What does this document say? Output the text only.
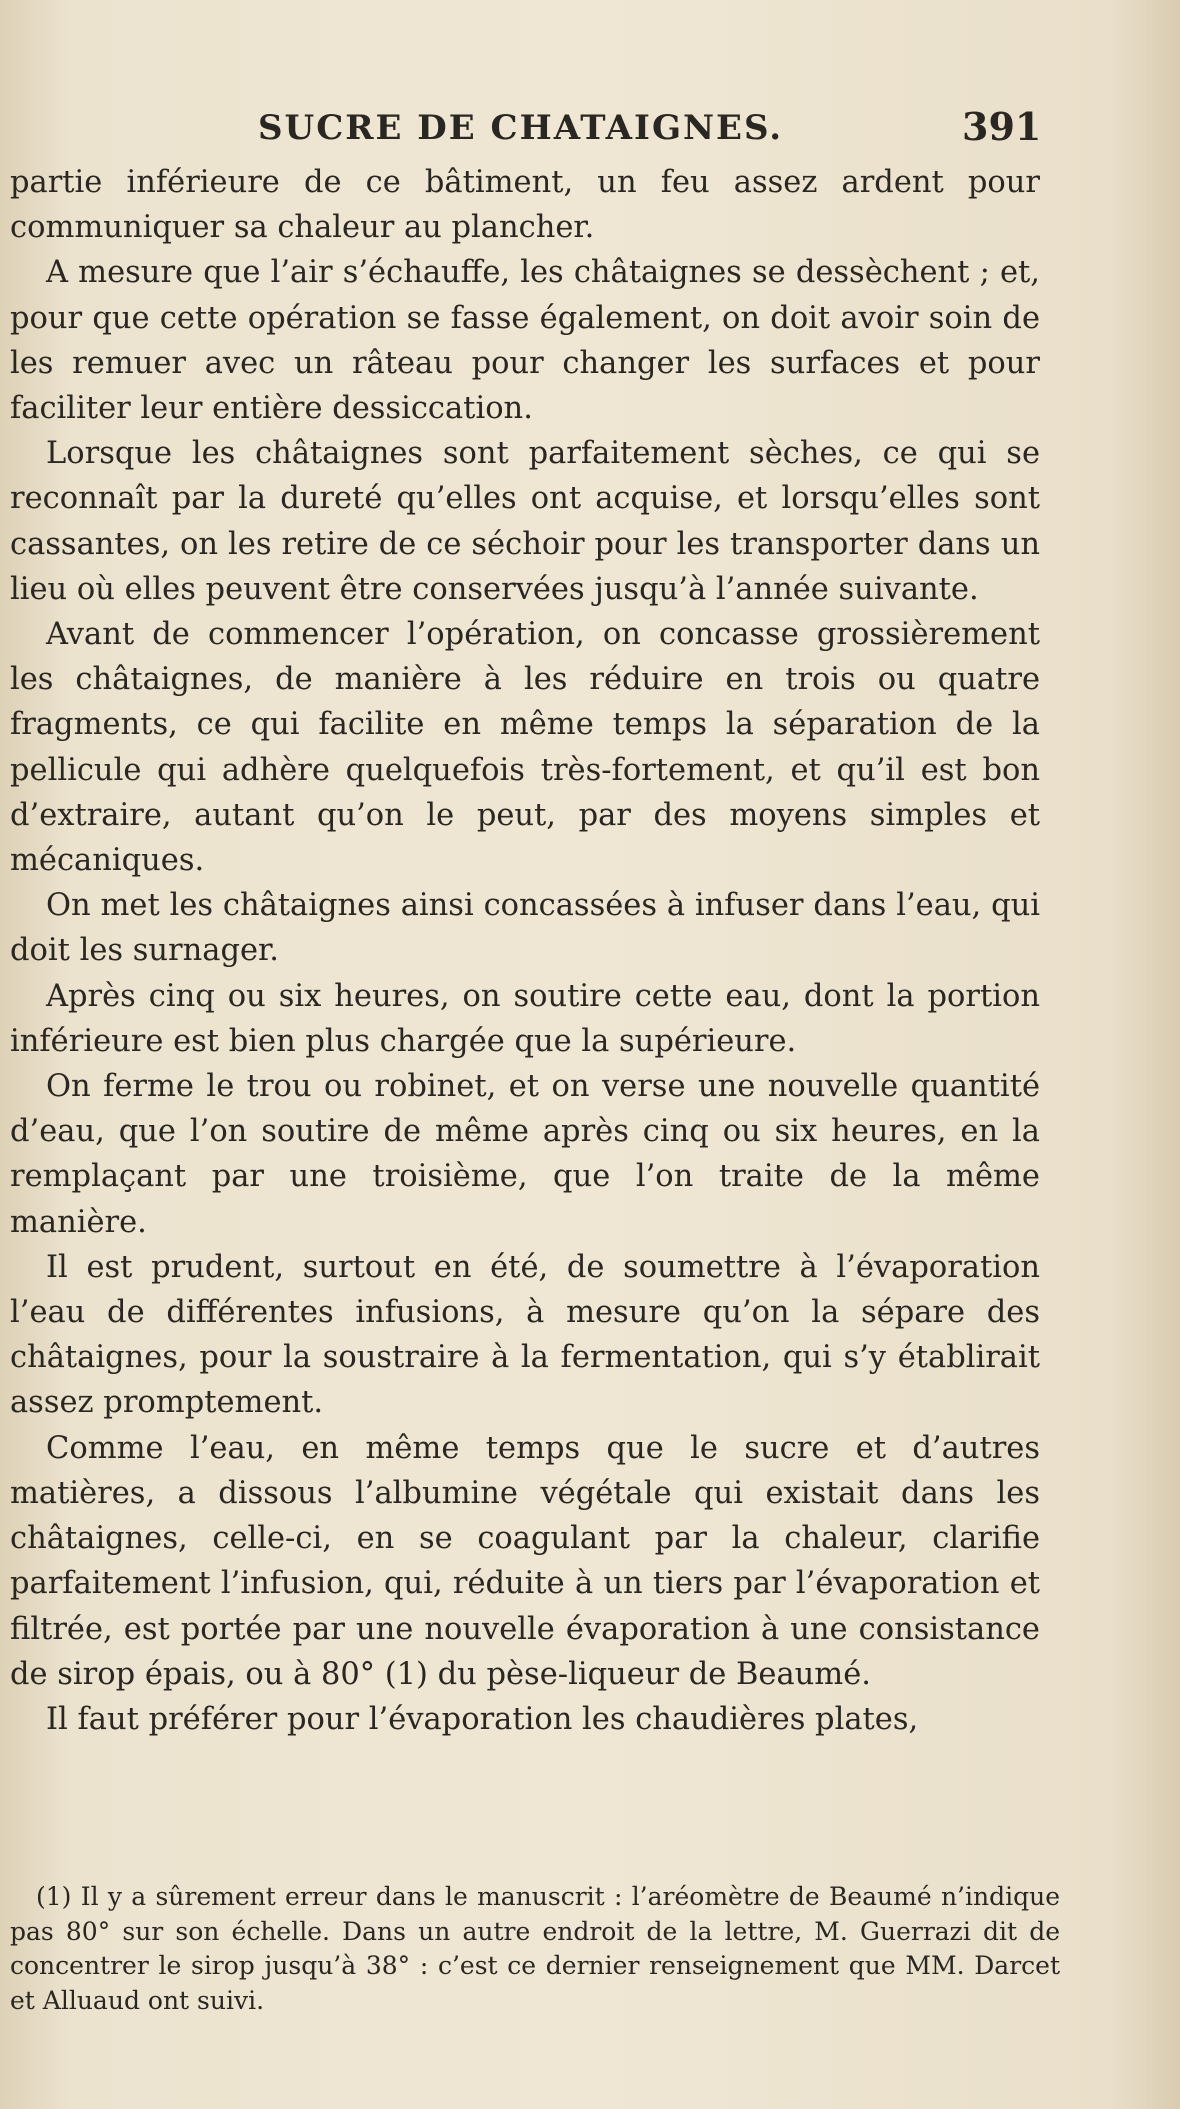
SUCRE DE CHATAIGNES.	391

partie inférieure de ce bâtiment, un feu assez ardent pour communiquer sa chaleur au plancher.

A mesure que l’air s’échauffe, les châtaignes se dessèchent ; et, pour que cette opération se fasse également, on doit avoir soin de les remuer avec un râteau pour changer les surfaces et pour faciliter leur entière dessiccation.

Lorsque les châtaignes sont parfaitement sèches, ce qui se reconnaît par la dureté qu’elles ont acquise, et lorsqu’elles sont cassantes, on les retire de ce séchoir pour les transporter dans un lieu où elles peuvent être conservées jusqu’à l’année suivante.

Avant de commencer l’opération, on concasse grossièrement les châtaignes, de manière à les réduire en trois ou quatre fragments, ce qui facilite en même temps la séparation de la pellicule qui adhère quelquefois très-fortement, et qu’il est bon d’extraire, autant qu’on le peut, par des moyens simples et mécaniques.

On met les châtaignes ainsi concassées à infuser dans l’eau, qui doit les surnager.

Après cinq ou six heures, on soutire cette eau, dont la portion inférieure est bien plus chargée que la supérieure.

On ferme le trou ou robinet, et on verse une nouvelle quantité d’eau, que l’on soutire de même après cinq ou six heures, en la remplaçant par une troisième, que l’on traite de la même manière.

Il est prudent, surtout en été, de soumettre à l’évaporation l’eau de différentes infusions, à mesure qu’on la sépare des châtaignes, pour la soustraire à la fermentation, qui s’y établirait assez promptement.

Comme l’eau, en même temps que le sucre et d’autres matières, a dissous l’albumine végétale qui existait dans les châtaignes, celle-ci, en se coagulant par la chaleur, clarifie parfaitement l’infusion, qui, réduite à un tiers par l’évaporation et filtrée, est portée par une nouvelle évaporation à une consistance de sirop épais, ou à 80° (1) du pèse-liqueur de Beaumé.

Il faut préférer pour l’évaporation les chaudières plates,

(1) Il y a sûrement erreur dans le manuscrit : l’aréomètre de Beaumé n’indique pas 80° sur son échelle. Dans un autre endroit de la lettre, M. Guerrazi dit de concentrer le sirop jusqu’à 38° : c’est ce dernier renseignement que MM. Darcet et Alluaud ont suivi.
